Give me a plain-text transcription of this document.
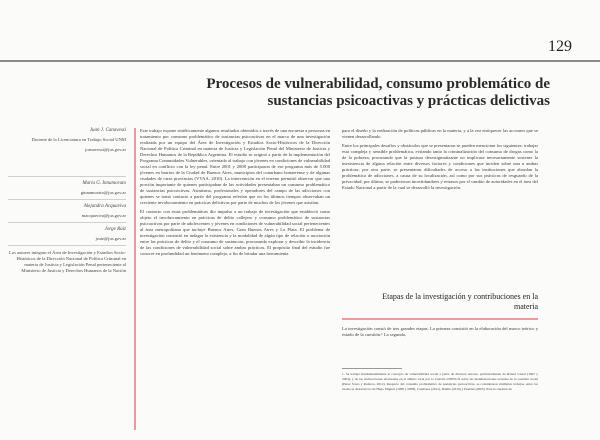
129
Procesos de vulnerabilidad, consumo problemático de sustancias psicoactivas y prácticas delictivas
Juan J. Canavessi
Docente de la Licenciatura en Trabajo Social UNM
jcanavessi@jus.gov.ar
María G. Innamorato
ginnamorato@jus.gov.ar
Alejandra Acquaviva
macquaviva@jus.gov.ar
Jorge Ruiz
jruiz@jus.gov.ar
Los autores integran el Área de Investigación y Estudios Socio-Históricos de la Dirección Nacional de Política Criminal en materia de Justicia y Legislación Penal perteneciente al Ministerio de Justicia y Derechos Humanos de la Nación

Este trabajo expone sintéticamente algunos resultados obtenidos a través de una encuesta a personas en tratamiento por consumo problemático de sustancias psicoactivas en el marco de una investigación realizada por un equipo del Área de Investigación y Estudios Socio-Históricos de la Dirección Nacional de Política Criminal en materia de Justicia y Legislación Penal del Ministerio de Justicia y Derechos Humanos de la República Argentina. El estudio se originó a partir de la implementación del Programa Comunidades Vulnerables, orientado al trabajo con jóvenes en condiciones de vulnerabilidad social en conflicto con la ley penal. Entre 2001 y 2008 participaron de ese programa más de 5.000 jóvenes en barrios de la Ciudad de Buenos Aires, municipios del conurbano bonaerense y de algunas ciudades de otras provincias (VVAA, 2010). La intervención en el terreno permitió observar que una porción importante de quienes participaban de las actividades presentaban un consumo problemático de sustancias psicoactivas. Asimismo, profesionales y operadores del campo de las adicciones con quienes se tomó contacto a partir del programa referían que en los últimos tiempos observaban un creciente involucramiento en prácticas delictivas por parte de muchos de los jóvenes que asistían.

El contacto con estas problemáticas dio impulso a un trabajo de investigación que estableció como objeto el involucramiento en prácticas de delito callejero y consumo problemático de sustancias psicoactivas por parte de adolescentes y jóvenes en condiciones de vulnerabilidad social pertenecientes al área metropolitana que incluye Buenos Aires, Gran Buenos Aires y La Plata. El problema de investigación consistió en indagar la existencia y la modalidad de algún tipo de relación o asociación entre las prácticas de delito y el consumo de sustancias, procurando explorar y describir la incidencia de las condiciones de vulnerabilidad social sobre ambas prácticas. El propósito final del estudio fue conocer en profundidad un fenómeno complejo, a fin de brindar una herramienta

para el diseño y la realización de políticas públicas en la materia, y a la vez enriquecer las acciones que se vienen desarrollando.

Entre los principales desafíos y obstáculos que se presentaron se pueden mencionar los siguientes: trabajar esta compleja y sensible problemática, evitando tanto la criminalización del consumo de drogas como la de la pobreza, procurando que la postura desestigmatizante no implicase necesariamente sostener la inexistencia de alguna relación entre diversos factores y condiciones que inciden sobre una u ambas prácticas; por otra parte, se presentaron dificultades de acceso a las instituciones que abordan la problemática de adicciones, a causa de su localización, así como por sus prácticas de resguardo de la privacidad; por último, se padecieron incertidumbres y retrasos por el cambio de autoridades en el área del Estado Nacional a partir de la cual se desarrolló la investigación.

Etapas de la investigación y contribuciones en la materia

La investigación constó de tres grandes etapas. La primera consistió en la elaboración del marco teórico y estado de la cuestión.¹ La segunda,

1. Se trabajó fundamentalmente el concepto de vulnerabilidad social a partir de diversos autores, particularmente de Robert Castel (1997 y 2004), y de las elaboraciones efectuadas en el ámbito local por la Cátedra UNESCO sobre las manifestaciones actuales de la cuestión social (Pérez Sosto y Romero, 2012). Respecto del consumo problemático de sustancias psicoactivas, se consideraron múltiples trabajos, entre los cuales se destacan los de Hugo Míguez (1998 y 2008), Calabrese (2011), Damin (2010) y Fuentes (2005). Para la cuestión de
